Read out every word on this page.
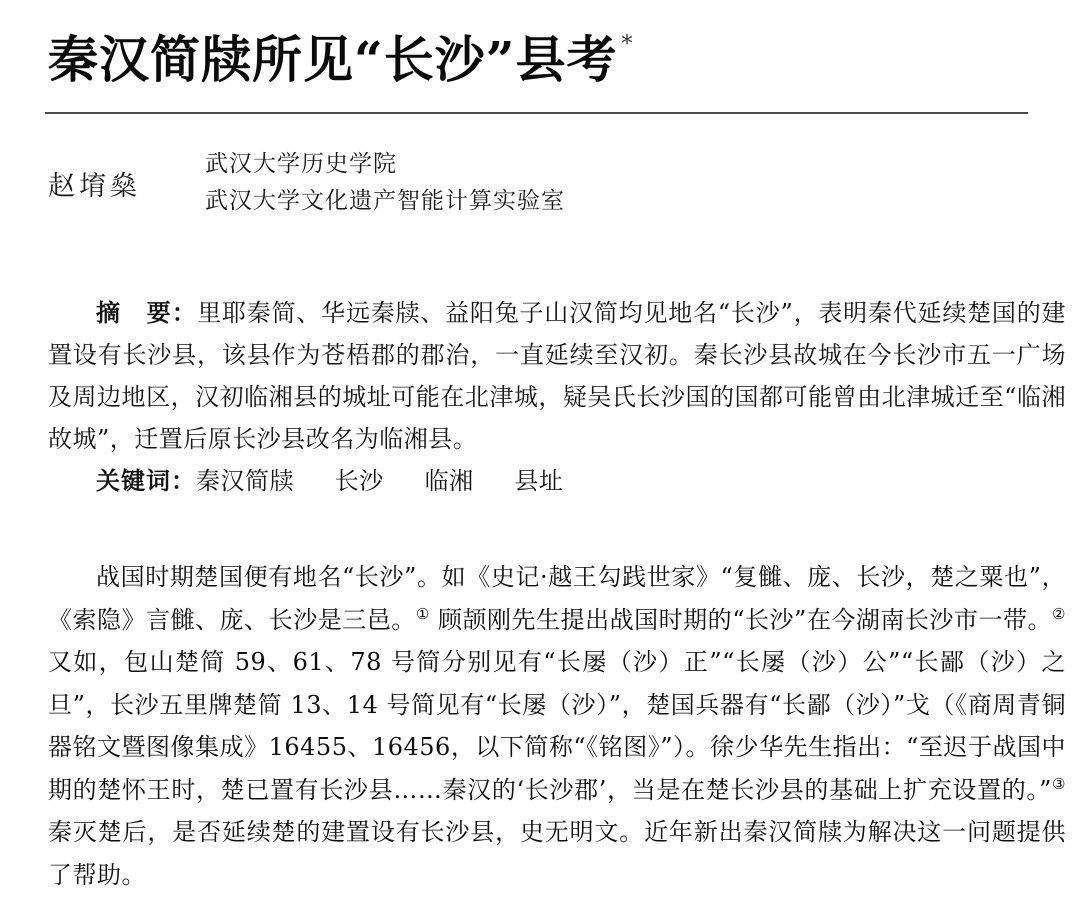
秦汉简牍所见“长沙”县考 *
赵堉燊
武汉大学历史学院
武汉大学文化遗产智能计算实验室

摘　要：里耶秦简、华远秦牍、益阳兔子山汉简均见地名“长沙”，表明秦代延续楚国的建置设有长沙县，该县作为苍梧郡的郡治，一直延续至汉初。秦长沙县故城在今长沙市五一广场及周边地区，汉初临湘县的城址可能在北津城，疑吴氏长沙国的国都可能曾由北津城迁至“临湘故城”，迁置后原长沙县改名为临湘县。

关键词：秦汉简牍 长沙 临湘 县址

战国时期楚国便有地名“长沙”。如《史记·越王勾践世家》“复雠、庞、长沙，楚之粟也”，《索隐》言雠、庞、长沙是三邑。① 顾颉刚先生提出战国时期的“长沙”在今湖南长沙市一带。② 又如，包山楚简 59、61、78 号简分别见有“长屡（沙）正”“长屡（沙）公”“长鄙（沙）之旦”，长沙五里牌楚简 13、14 号简见有“长屡（沙）”，楚国兵器有“长鄙（沙）”戈（《商周青铜器铭文暨图像集成》16455、16456，以下简称“《铭图》”）。徐少华先生指出：“至迟于战国中期的楚怀王时，楚已置有长沙县……秦汉的‘长沙郡’，当是在楚长沙县的基础上扩充设置的。”③秦灭楚后，是否延续楚的建置设有长沙县，史无明文。近年新出秦汉简牍为解决这一问题提供了帮助。
